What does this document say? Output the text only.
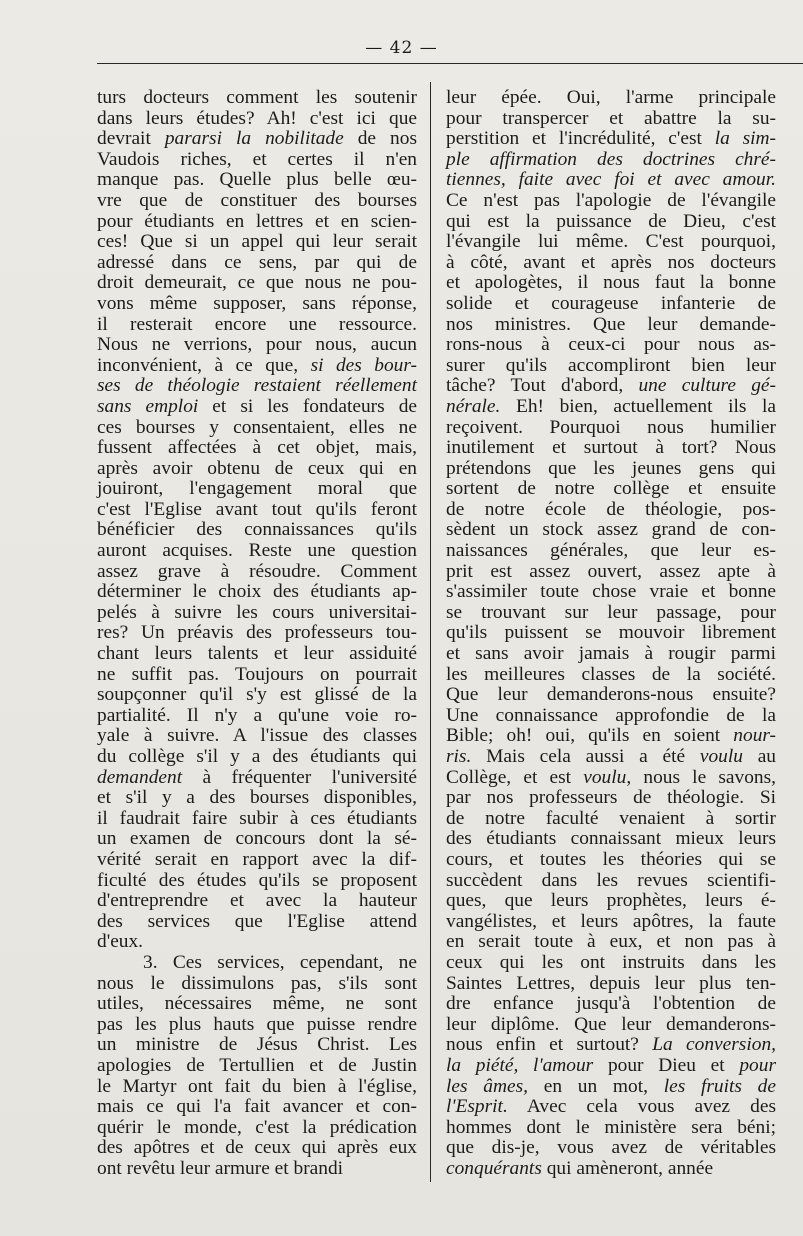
— 42 —
turs docteurs comment les soutenir
dans leurs études? Ah! c'est ici que
devrait pararsi la nobilitade de nos
Vaudois riches, et certes il n'en
manque pas. Quelle plus belle œu-
vre que de constituer des bourses
pour étudiants en lettres et en scien-
ces! Que si un appel qui leur serait
adressé dans ce sens, par qui de
droit demeurait, ce que nous ne pou-
vons même supposer, sans réponse,
il resterait encore une ressource.
Nous ne verrions, pour nous, aucun
inconvénient, à ce que, si des bour-
ses de théologie restaient réellement
sans emploi et si les fondateurs de
ces bourses y consentaient, elles ne
fussent affectées à cet objet, mais,
après avoir obtenu de ceux qui en
jouiront, l'engagement moral que
c'est l'Eglise avant tout qu'ils feront
bénéficier des connaissances qu'ils
auront acquises. Reste une question
assez grave à résoudre. Comment
déterminer le choix des étudiants ap-
pelés à suivre les cours universitai-
res? Un préavis des professeurs tou-
chant leurs talents et leur assiduité
ne suffit pas. Toujours on pourrait
soupçonner qu'il s'y est glissé de la
partialité. Il n'y a qu'une voie ro-
yale à suivre. A l'issue des classes
du collège s'il y a des étudiants qui
demandent à fréquenter l'université
et s'il y a des bourses disponibles,
il faudrait faire subir à ces étudiants
un examen de concours dont la sé-
vérité serait en rapport avec la dif-
ficulté des études qu'ils se proposent
d'entreprendre et avec la hauteur
des services que l'Eglise attend
d'eux.
3. Ces services, cependant, ne
nous le dissimulons pas, s'ils sont
utiles, nécessaires même, ne sont
pas les plus hauts que puisse rendre
un ministre de Jésus Christ. Les
apologies de Tertullien et de Justin
le Martyr ont fait du bien à l'église,
mais ce qui l'a fait avancer et con-
quérir le monde, c'est la prédication
des apôtres et de ceux qui après eux
ont revêtu leur armure et brandi
leur épée. Oui, l'arme principale
pour transpercer et abattre la su-
perstition et l'incrédulité, c'est la sim-
ple affirmation des doctrines chré-
tiennes, faite avec foi et avec amour.
Ce n'est pas l'apologie de l'évangile
qui est la puissance de Dieu, c'est
l'évangile lui même. C'est pourquoi,
à côté, avant et après nos docteurs
et apologètes, il nous faut la bonne
solide et courageuse infanterie de
nos ministres. Que leur demande-
rons-nous à ceux-ci pour nous as-
surer qu'ils accompliront bien leur
tâche? Tout d'abord, une culture gé-
nérale. Eh! bien, actuellement ils la
reçoivent. Pourquoi nous humilier
inutilement et surtout à tort? Nous
prétendons que les jeunes gens qui
sortent de notre collège et ensuite
de notre école de théologie, pos-
sèdent un stock assez grand de con-
naissances générales, que leur es-
prit est assez ouvert, assez apte à
s'assimiler toute chose vraie et bonne
se trouvant sur leur passage, pour
qu'ils puissent se mouvoir librement
et sans avoir jamais à rougir parmi
les meilleures classes de la société.
Que leur demanderons-nous ensuite?
Une connaissance approfondie de la
Bible; oh! oui, qu'ils en soient nour-
ris. Mais cela aussi a été voulu au
Collège, et est voulu, nous le savons,
par nos professeurs de théologie. Si
de notre faculté venaient à sortir
des étudiants connaissant mieux leurs
cours, et toutes les théories qui se
succèdent dans les revues scientifi-
ques, que leurs prophètes, leurs é-
vangélistes, et leurs apôtres, la faute
en serait toute à eux, et non pas à
ceux qui les ont instruits dans les
Saintes Lettres, depuis leur plus ten-
dre enfance jusqu'à l'obtention de
leur diplôme. Que leur demanderons-
nous enfin et surtout? La conversion,
la piété, l'amour pour Dieu et pour
les âmes, en un mot, les fruits de
l'Esprit. Avec cela vous avez des
hommes dont le ministère sera béni;
que dis-je, vous avez de véritables
conquérants qui amèneront, année
